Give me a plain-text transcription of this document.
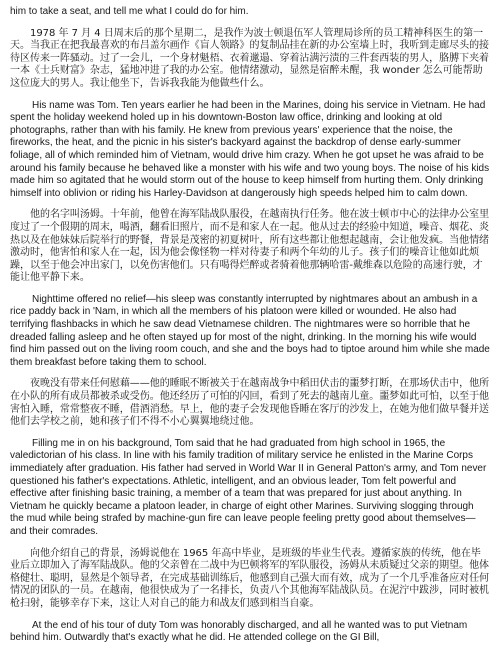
him to take a seat, and tell me what I could do for him.

1978 年 7 月 4 日周末后的那个星期二，是我作为波士顿退伍军人管理局诊所的员工精神科医生的第一天。当我正在把我最喜欢的布吕盖尔画作《盲人领路》的复制品挂在新的办公室墙上时，我听到走廊尽头的接待区传来一阵骚动。过了一会儿，一个身材魁梧、衣着邋遢、穿着沾满污渍的三件套西装的男人，胳膊下夹着一本《士兵财富》杂志，猛地冲进了我的办公室。他情绪激动，显然是宿醉未醒，我 wonder 怎么可能帮助这位庞大的男人。我让他坐下，告诉我我能为他做些什么。

His name was Tom. Ten years earlier he had been in the Marines, doing his service in Vietnam. He had spent the holiday weekend holed up in his downtown-Boston law office, drinking and looking at old photographs, rather than with his family. He knew from previous years' experience that the noise, the fireworks, the heat, and the picnic in his sister's backyard against the backdrop of dense early-summer foliage, all of which reminded him of Vietnam, would drive him crazy. When he got upset he was afraid to be around his family because he behaved like a monster with his wife and two young boys. The noise of his kids made him so agitated that he would storm out of the house to keep himself from hurting them. Only drinking himself into oblivion or riding his Harley-Davidson at dangerously high speeds helped him to calm down.

他的名字叫汤姆。十年前，他曾在海军陆战队服役，在越南执行任务。他在波士顿市中心的法律办公室里度过了一个假期的周末，喝酒，翻看旧照片，而不是和家人在一起。他从过去的经验中知道，噪音、烟花、炎热以及在他妹妹后院举行的野餐，背景是茂密的初夏树叶，所有这些都让他想起越南，会让他发疯。当他情绪激动时，他害怕和家人在一起，因为他会像怪物一样对待妻子和两个年幼的儿子。孩子们的噪音让他如此烦躁，以至于他会冲出家门，以免伤害他们。只有喝得烂醉或者骑着他那辆哈雷-戴维森以危险的高速行驶，才能让他平静下来。

Nighttime offered no relief—his sleep was constantly interrupted by nightmares about an ambush in a rice paddy back in 'Nam, in which all the members of his platoon were killed or wounded. He also had terrifying flashbacks in which he saw dead Vietnamese children. The nightmares were so horrible that he dreaded falling asleep and he often stayed up for most of the night, drinking. In the morning his wife would find him passed out on the living room couch, and she and the boys had to tiptoe around him while she made them breakfast before taking them to school.

夜晚没有带来任何慰藉——他的睡眠不断被关于在越南战争中稻田伏击的噩梦打断，在那场伏击中，他所在小队的所有成员都被杀或受伤。他还经历了可怕的闪回，看到了死去的越南儿童。噩梦如此可怕，以至于他害怕入睡，常常整夜不睡，借酒消愁。早上，他的妻子会发现他昏睡在客厅的沙发上，在她为他们做早餐并送他们去学校之前，她和孩子们不得不小心翼翼地绕过他。

Filling me in on his background, Tom said that he had graduated from high school in 1965, the valedictorian of his class. In line with his family tradition of military service he enlisted in the Marine Corps immediately after graduation. His father had served in World War II in General Patton's army, and Tom never questioned his father's expectations. Athletic, intelligent, and an obvious leader, Tom felt powerful and effective after finishing basic training, a member of a team that was prepared for just about anything. In Vietnam he quickly became a platoon leader, in charge of eight other Marines. Surviving slogging through the mud while being strafed by machine-gun fire can leave people feeling pretty good about themselves—and their comrades.

向他介绍自己的背景，汤姆说他在 1965 年高中毕业，是班级的毕业生代表。遵循家族的传统，他在毕业后立即加入了海军陆战队。他的父亲曾在二战中为巴顿将军的军队服役，汤姆从未质疑过父亲的期望。他体格健壮、聪明，显然是个领导者，在完成基础训练后，他感到自己强大而有效，成为了一个几乎准备应对任何情况的团队的一员。在越南，他很快成为了一名排长，负责八个其他海军陆战队员。在泥泞中跋涉，同时被机枪扫射，能够幸存下来，这让人对自己的能力和战友们感到相当自豪。

At the end of his tour of duty Tom was honorably discharged, and all he wanted was to put Vietnam behind him. Outwardly that's exactly what he did. He attended college on the GI Bill,
